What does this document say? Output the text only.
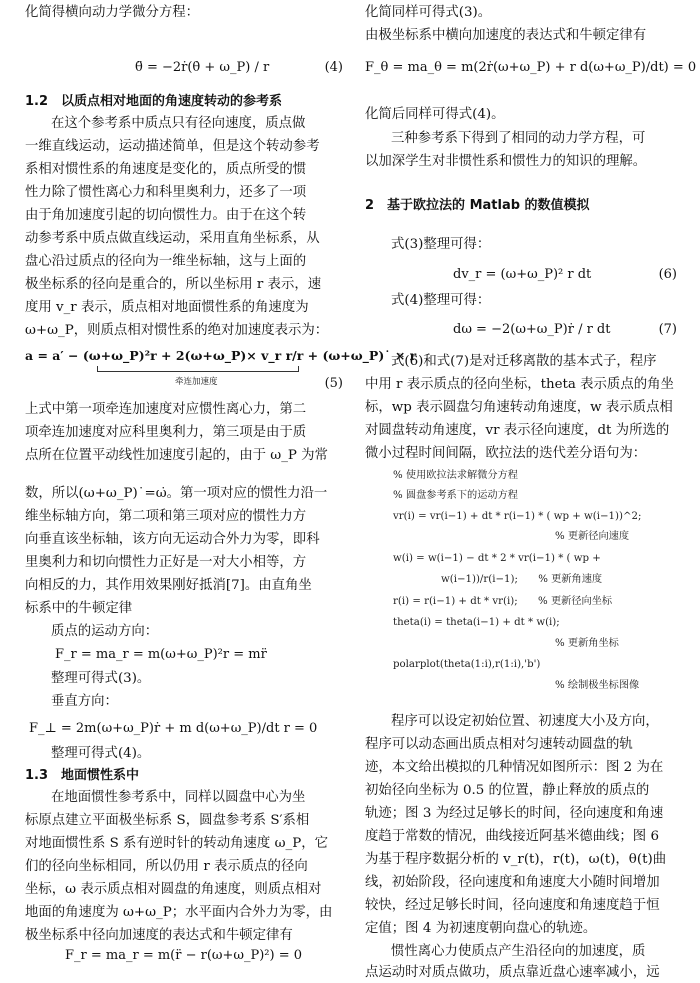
化简得横向动力学微分方程：
θ̈ = −2ṙ(θ̇ + ω_P) / r	(4)
1.2　以质点相对地面的角速度转动的参考系
在这个参考系中质点只有径向速度，质点做
一维直线运动，运动描述简单，但是这个转动参考
系相对惯性系的角速度是变化的，质点所受的惯
性力除了惯性离心力和科里奥利力，还多了一项
由于角加速度引起的切向惯性力。由于在这个转
动参考系中质点做直线运动，采用直角坐标系，从
盘心沿过质点的径向为一维坐标轴，这与上面的
极坐标系的径向是重合的，所以坐标用 r 表示，速
度用 v_r 表示，质点相对地面惯性系的角速度为
ω+ω_P，则质点相对惯性系的绝对加速度表示为：
a = a′ − (ω+ω_P)²r + 2(ω+ω_P)× v_r r/r + (ω+ω_P)˙ × r
牵连加速度	(5)
上式中第一项牵连加速度对应惯性离心力，第二
项牵连加速度对应科里奥利力，第三项是由于质
点所在位置平动线性加速度引起的，由于 ω_P 为常
数，所以(ω+ω_P)˙=ω̇。第一项对应的惯性力沿一
维坐标轴方向，第二项和第三项对应的惯性力方
向垂直该坐标轴，该方向无运动合外力为零，即科
里奥利力和切向惯性力正好是一对大小相等，方
向相反的力，其作用效果刚好抵消[7]。由直角坐
标系中的牛顿定律
质点的运动方向：
F_r = ma_r = m(ω+ω_P)²r = mr̈
整理可得式(3)。
垂直方向：
F_⊥ = 2m(ω+ω_P)ṙ + m d(ω+ω_P)/dt r = 0
整理可得式(4)。
1.3　地面惯性系中
在地面惯性参考系中，同样以圆盘中心为坐
标原点建立平面极坐标系 S，圆盘参考系 S′系相
对地面惯性系 S 系有逆时针的转动角速度 ω_P，它
们的径向坐标相同，所以仍用 r 表示质点的径向
坐标，ω 表示质点相对圆盘的角速度，则质点相对
地面的角速度为 ω+ω_P；水平面内合外力为零，由
极坐标系中径向加速度的表达式和牛顿定律有
F_r = ma_r = m(r̈ − r(ω+ω_P)²) = 0
化简同样可得式(3)。
由极坐标系中横向加速度的表达式和牛顿定律有
F_θ = ma_θ = m(2ṙ(ω+ω_P) + r d(ω+ω_P)/dt) = 0
化简后同样可得式(4)。
三种参考系下得到了相同的动力学方程，可
以加深学生对非惯性系和惯性力的知识的理解。
2　基于欧拉法的 Matlab 的数值模拟
式(3)整理可得：
dv_r = (ω+ω_P)² r dt	(6)
式(4)整理可得：
dω = −2(ω+ω_P)ṙ / r dt	(7)
式(6)和式(7)是对迁移离散的基本式子，程序
中用 r 表示质点的径向坐标，theta 表示质点的角坐
标，wp 表示圆盘匀角速转动角速度，w 表示质点相
对圆盘转动角速度，vr 表示径向速度，dt 为所选的
微小过程时间间隔，欧拉法的迭代差分语句为：
% 使用欧拉法求解微分方程
% 圆盘参考系下的运动方程
vr(i) = vr(i−1) + dt * r(i−1) * ( wp + w(i−1))^2;
% 更新径向速度
w(i) = w(i−1) − dt * 2 * vr(i−1) * ( wp +
w(i−1))/r(i−1);　　% 更新角速度
r(i) = r(i−1) + dt * vr(i);　　% 更新径向坐标
theta(i) = theta(i−1) + dt * w(i);
% 更新角坐标
polarplot(theta(1:i),r(1:i),'b')
% 绘制极坐标图像
程序可以设定初始位置、初速度大小及方向，
程序可以动态画出质点相对匀速转动圆盘的轨
迹，本文给出模拟的几种情况如图所示：图 2 为在
初始径向坐标为 0.5 的位置，静止释放的质点的
轨迹；图 3 为经过足够长的时间，径向速度和角速
度趋于常数的情况，曲线接近阿基米德曲线；图 6
为基于程序数据分析的 v_r(t)，r(t)，ω(t)，θ(t)曲
线，初始阶段，径向速度和角速度大小随时间增加
较快，经过足够长时间，径向速度和角速度趋于恒
定值；图 4 为初速度朝向盘心的轨迹。
惯性离心力使质点产生沿径向的加速度，质
点运动时对质点做功，质点靠近盘心速率减小，远
